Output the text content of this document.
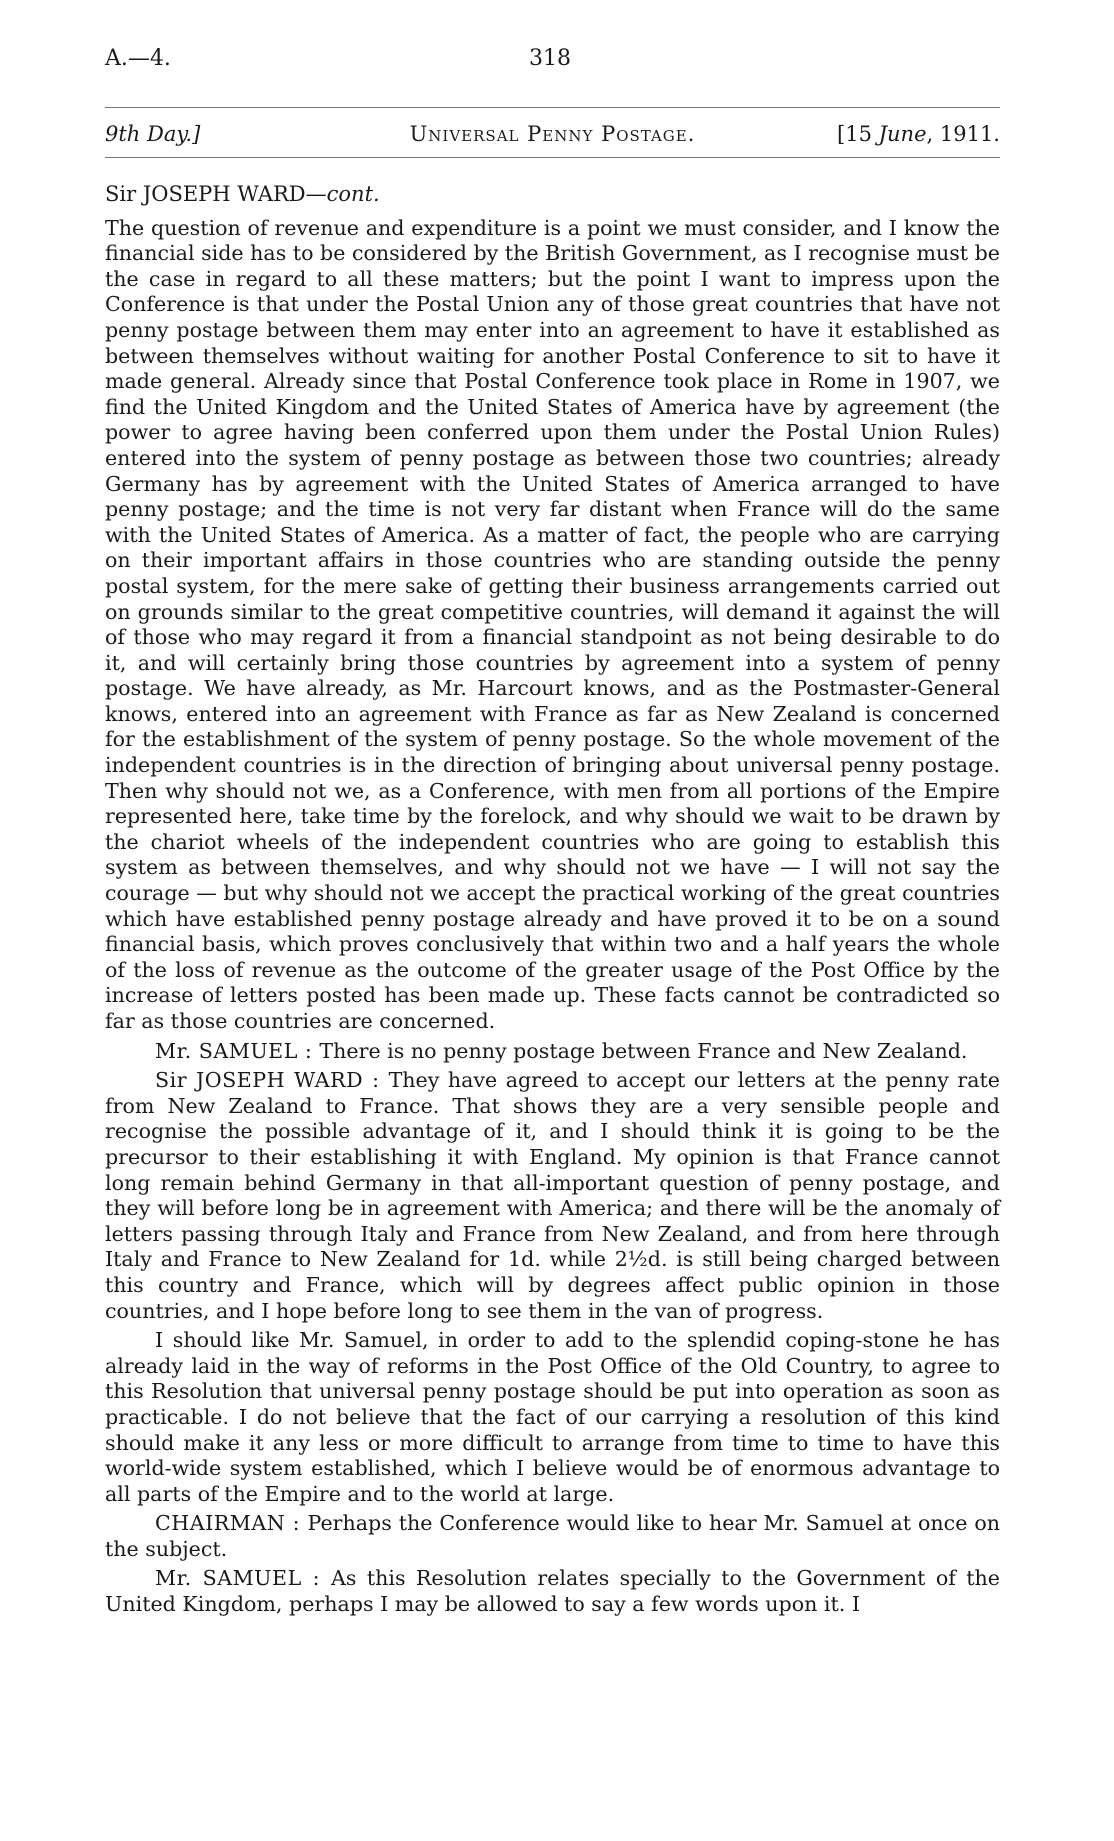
A.—4.	318
9th Day.]	Universal Penny Postage.	[15 June, 1911.

Sir JOSEPH WARD—cont.

The question of revenue and expenditure is a point we must consider, and I know the financial side has to be considered by the British Government, as I recognise must be the case in regard to all these matters; but the point I want to impress upon the Conference is that under the Postal Union any of those great countries that have not penny postage between them may enter into an agreement to have it established as between themselves without waiting for another Postal Conference to sit to have it made general. Already since that Postal Conference took place in Rome in 1907, we find the United Kingdom and the United States of America have by agreement (the power to agree having been conferred upon them under the Postal Union Rules) entered into the system of penny postage as between those two countries; already Germany has by agreement with the United States of America arranged to have penny postage; and the time is not very far distant when France will do the same with the United States of America. As a matter of fact, the people who are carrying on their important affairs in those countries who are standing outside the penny postal system, for the mere sake of getting their business arrangements carried out on grounds similar to the great competitive countries, will demand it against the will of those who may regard it from a financial standpoint as not being desirable to do it, and will certainly bring those countries by agreement into a system of penny postage. We have already, as Mr. Harcourt knows, and as the Postmaster-General knows, entered into an agreement with France as far as New Zealand is concerned for the establishment of the system of penny postage. So the whole movement of the independent countries is in the direction of bringing about universal penny postage. Then why should not we, as a Conference, with men from all portions of the Empire represented here, take time by the forelock, and why should we wait to be drawn by the chariot wheels of the independent countries who are going to establish this system as between themselves, and why should not we have — I will not say the courage — but why should not we accept the practical working of the great countries which have established penny postage already and have proved it to be on a sound financial basis, which proves conclusively that within two and a half years the whole of the loss of revenue as the outcome of the greater usage of the Post Office by the increase of letters posted has been made up. These facts cannot be contradicted so far as those countries are concerned.

Mr. SAMUEL : There is no penny postage between France and New Zealand.

Sir JOSEPH WARD : They have agreed to accept our letters at the penny rate from New Zealand to France. That shows they are a very sensible people and recognise the possible advantage of it, and I should think it is going to be the precursor to their establishing it with England. My opinion is that France cannot long remain behind Germany in that all-important question of penny postage, and they will before long be in agreement with America; and there will be the anomaly of letters passing through Italy and France from New Zealand, and from here through Italy and France to New Zealand for 1d. while 2½d. is still being charged between this country and France, which will by degrees affect public opinion in those countries, and I hope before long to see them in the van of progress.

I should like Mr. Samuel, in order to add to the splendid coping-stone he has already laid in the way of reforms in the Post Office of the Old Country, to agree to this Resolution that universal penny postage should be put into operation as soon as practicable. I do not believe that the fact of our carrying a resolution of this kind should make it any less or more difficult to arrange from time to time to have this world-wide system established, which I believe would be of enormous advantage to all parts of the Empire and to the world at large.

CHAIRMAN : Perhaps the Conference would like to hear Mr. Samuel at once on the subject.

Mr. SAMUEL : As this Resolution relates specially to the Government of the United Kingdom, perhaps I may be allowed to say a few words upon it. I
